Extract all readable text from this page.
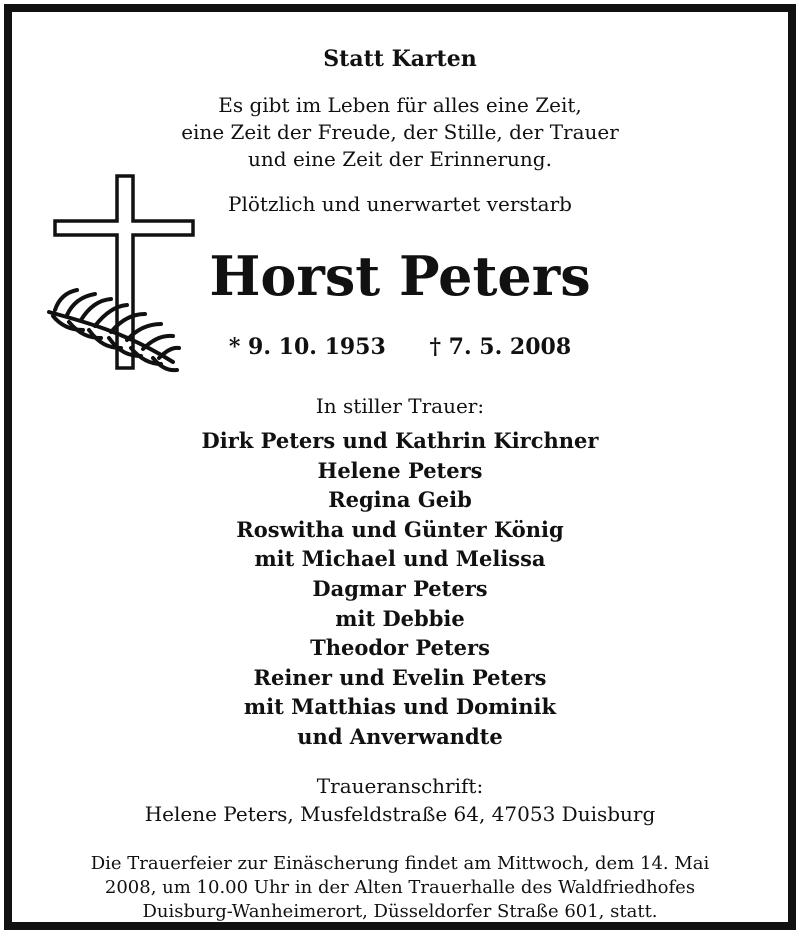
Statt Karten
Es gibt im Leben für alles eine Zeit,
eine Zeit der Freude, der Stille, der Trauer
und eine Zeit der Erinnerung.
Plötzlich und unerwartet verstarb
Horst Peters
* 9. 10. 1953 † 7. 5. 2008
In stiller Trauer:
Dirk Peters und Kathrin Kirchner
Helene Peters
Regina Geib
Roswitha und Günter König
mit Michael und Melissa
Dagmar Peters
mit Debbie
Theodor Peters
Reiner und Evelin Peters
mit Matthias und Dominik
und Anverwandte
Traueranschrift:
Helene Peters, Musfeldstraße 64, 47053 Duisburg
Die Trauerfeier zur Einäscherung findet am Mittwoch, dem 14. Mai
2008, um 10.00 Uhr in der Alten Trauerhalle des Waldfriedhofes
Duisburg-Wanheimerort, Düsseldorfer Straße 601, statt.
